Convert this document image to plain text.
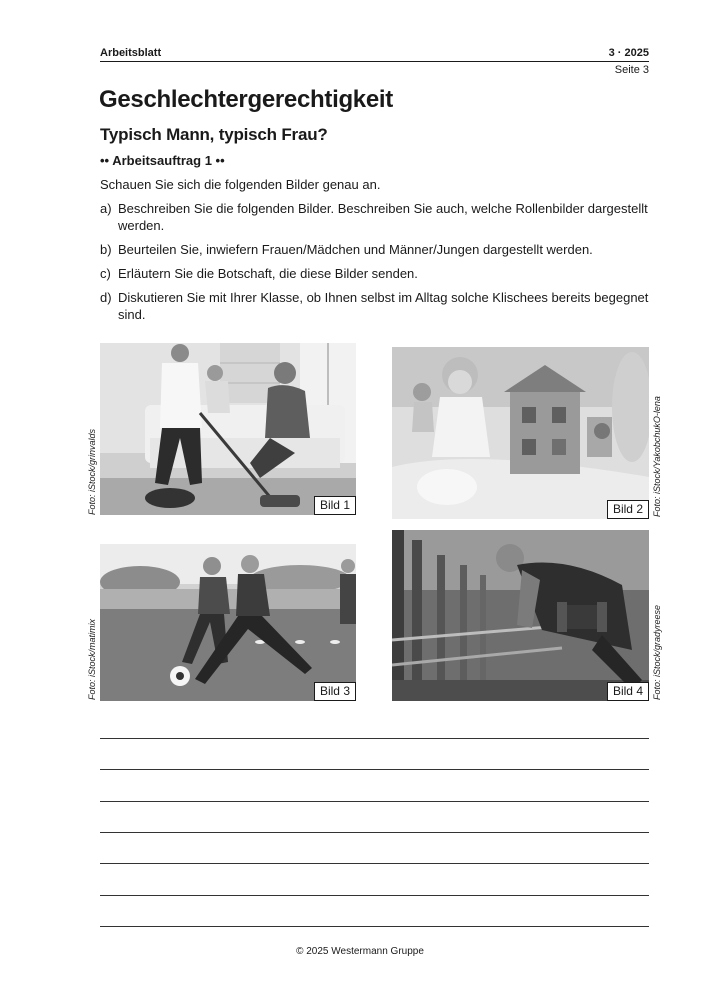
Arbeitsblatt	3 · 2025
Seite 3
Geschlechtergerechtigkeit
Typisch Mann, typisch Frau?
•• Arbeitsauftrag 1 ••
Schauen Sie sich die folgenden Bilder genau an.
a) Beschreiben Sie die folgenden Bilder. Beschreiben Sie auch, welche Rollenbilder dargestellt werden.
b) Beurteilen Sie, inwiefern Frauen/Mädchen und Männer/Jungen dargestellt werden.
c) Erläutern Sie die Botschaft, die diese Bilder senden.
d) Diskutieren Sie mit Ihrer Klasse, ob Ihnen selbst im Alltag solche Klischees bereits begegnet sind.
Bild 1
Foto: iStock/grinvalds	Bild 2	Foto: iStock/YakobchukO-lena
Bild 3
Foto: iStock/matimix	Bild 4	Foto: iStock/gradyreese
© 2025 Westermann Gruppe
